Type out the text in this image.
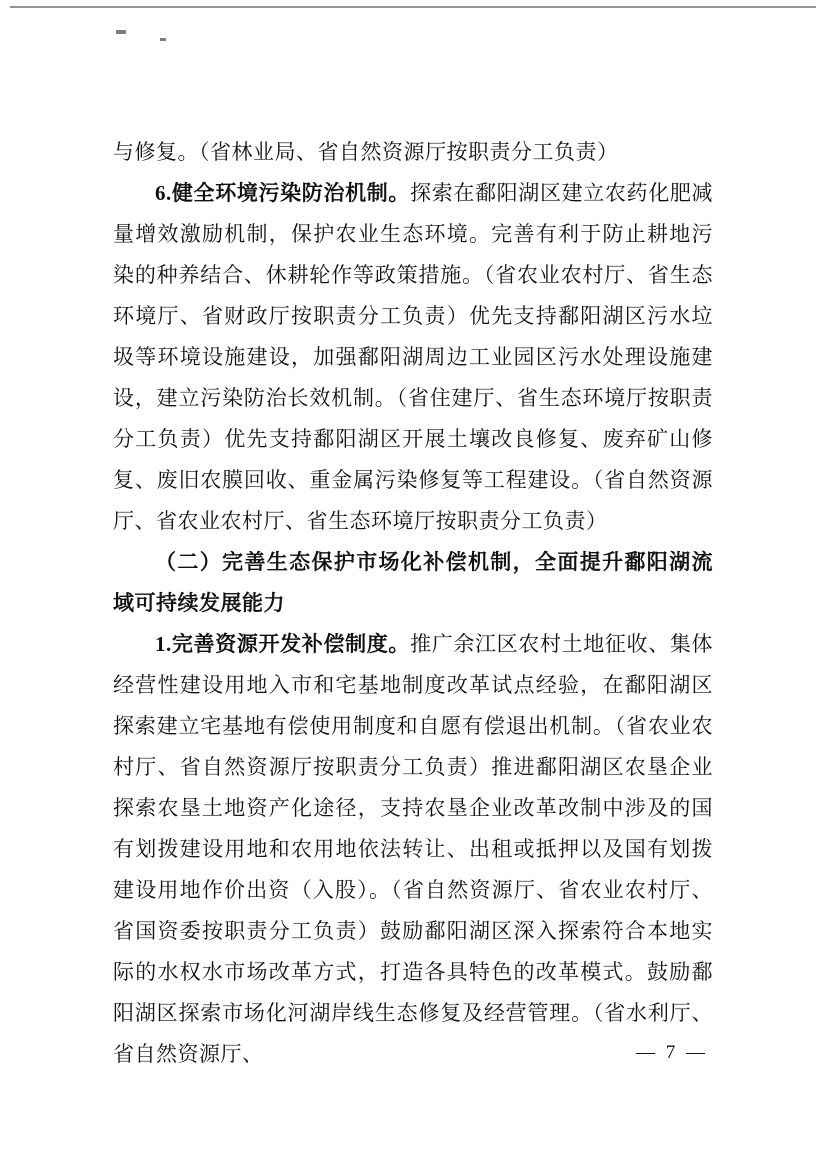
与修复。（省林业局、省自然资源厅按职责分工负责）

6.健全环境污染防治机制。探索在鄱阳湖区建立农药化肥减量增效激励机制，保护农业生态环境。完善有利于防止耕地污染的种养结合、休耕轮作等政策措施。（省农业农村厅、省生态环境厅、省财政厅按职责分工负责）优先支持鄱阳湖区污水垃圾等环境设施建设，加强鄱阳湖周边工业园区污水处理设施建设，建立污染防治长效机制。（省住建厅、省生态环境厅按职责分工负责）优先支持鄱阳湖区开展土壤改良修复、废弃矿山修复、废旧农膜回收、重金属污染修复等工程建设。（省自然资源厅、省农业农村厅、省生态环境厅按职责分工负责）

（二）完善生态保护市场化补偿机制，全面提升鄱阳湖流域可持续发展能力

1.完善资源开发补偿制度。推广余江区农村土地征收、集体经营性建设用地入市和宅基地制度改革试点经验，在鄱阳湖区探索建立宅基地有偿使用制度和自愿有偿退出机制。（省农业农村厅、省自然资源厅按职责分工负责）推进鄱阳湖区农垦企业探索农垦土地资产化途径，支持农垦企业改革改制中涉及的国有划拨建设用地和农用地依法转让、出租或抵押以及国有划拨建设用地作价出资（入股）。（省自然资源厅、省农业农村厅、省国资委按职责分工负责）鼓励鄱阳湖区深入探索符合本地实际的水权水市场改革方式，打造各具特色的改革模式。鼓励鄱阳湖区探索市场化河湖岸线生态修复及经营管理。（省水利厅、省自然资源厅、	— 7 —
